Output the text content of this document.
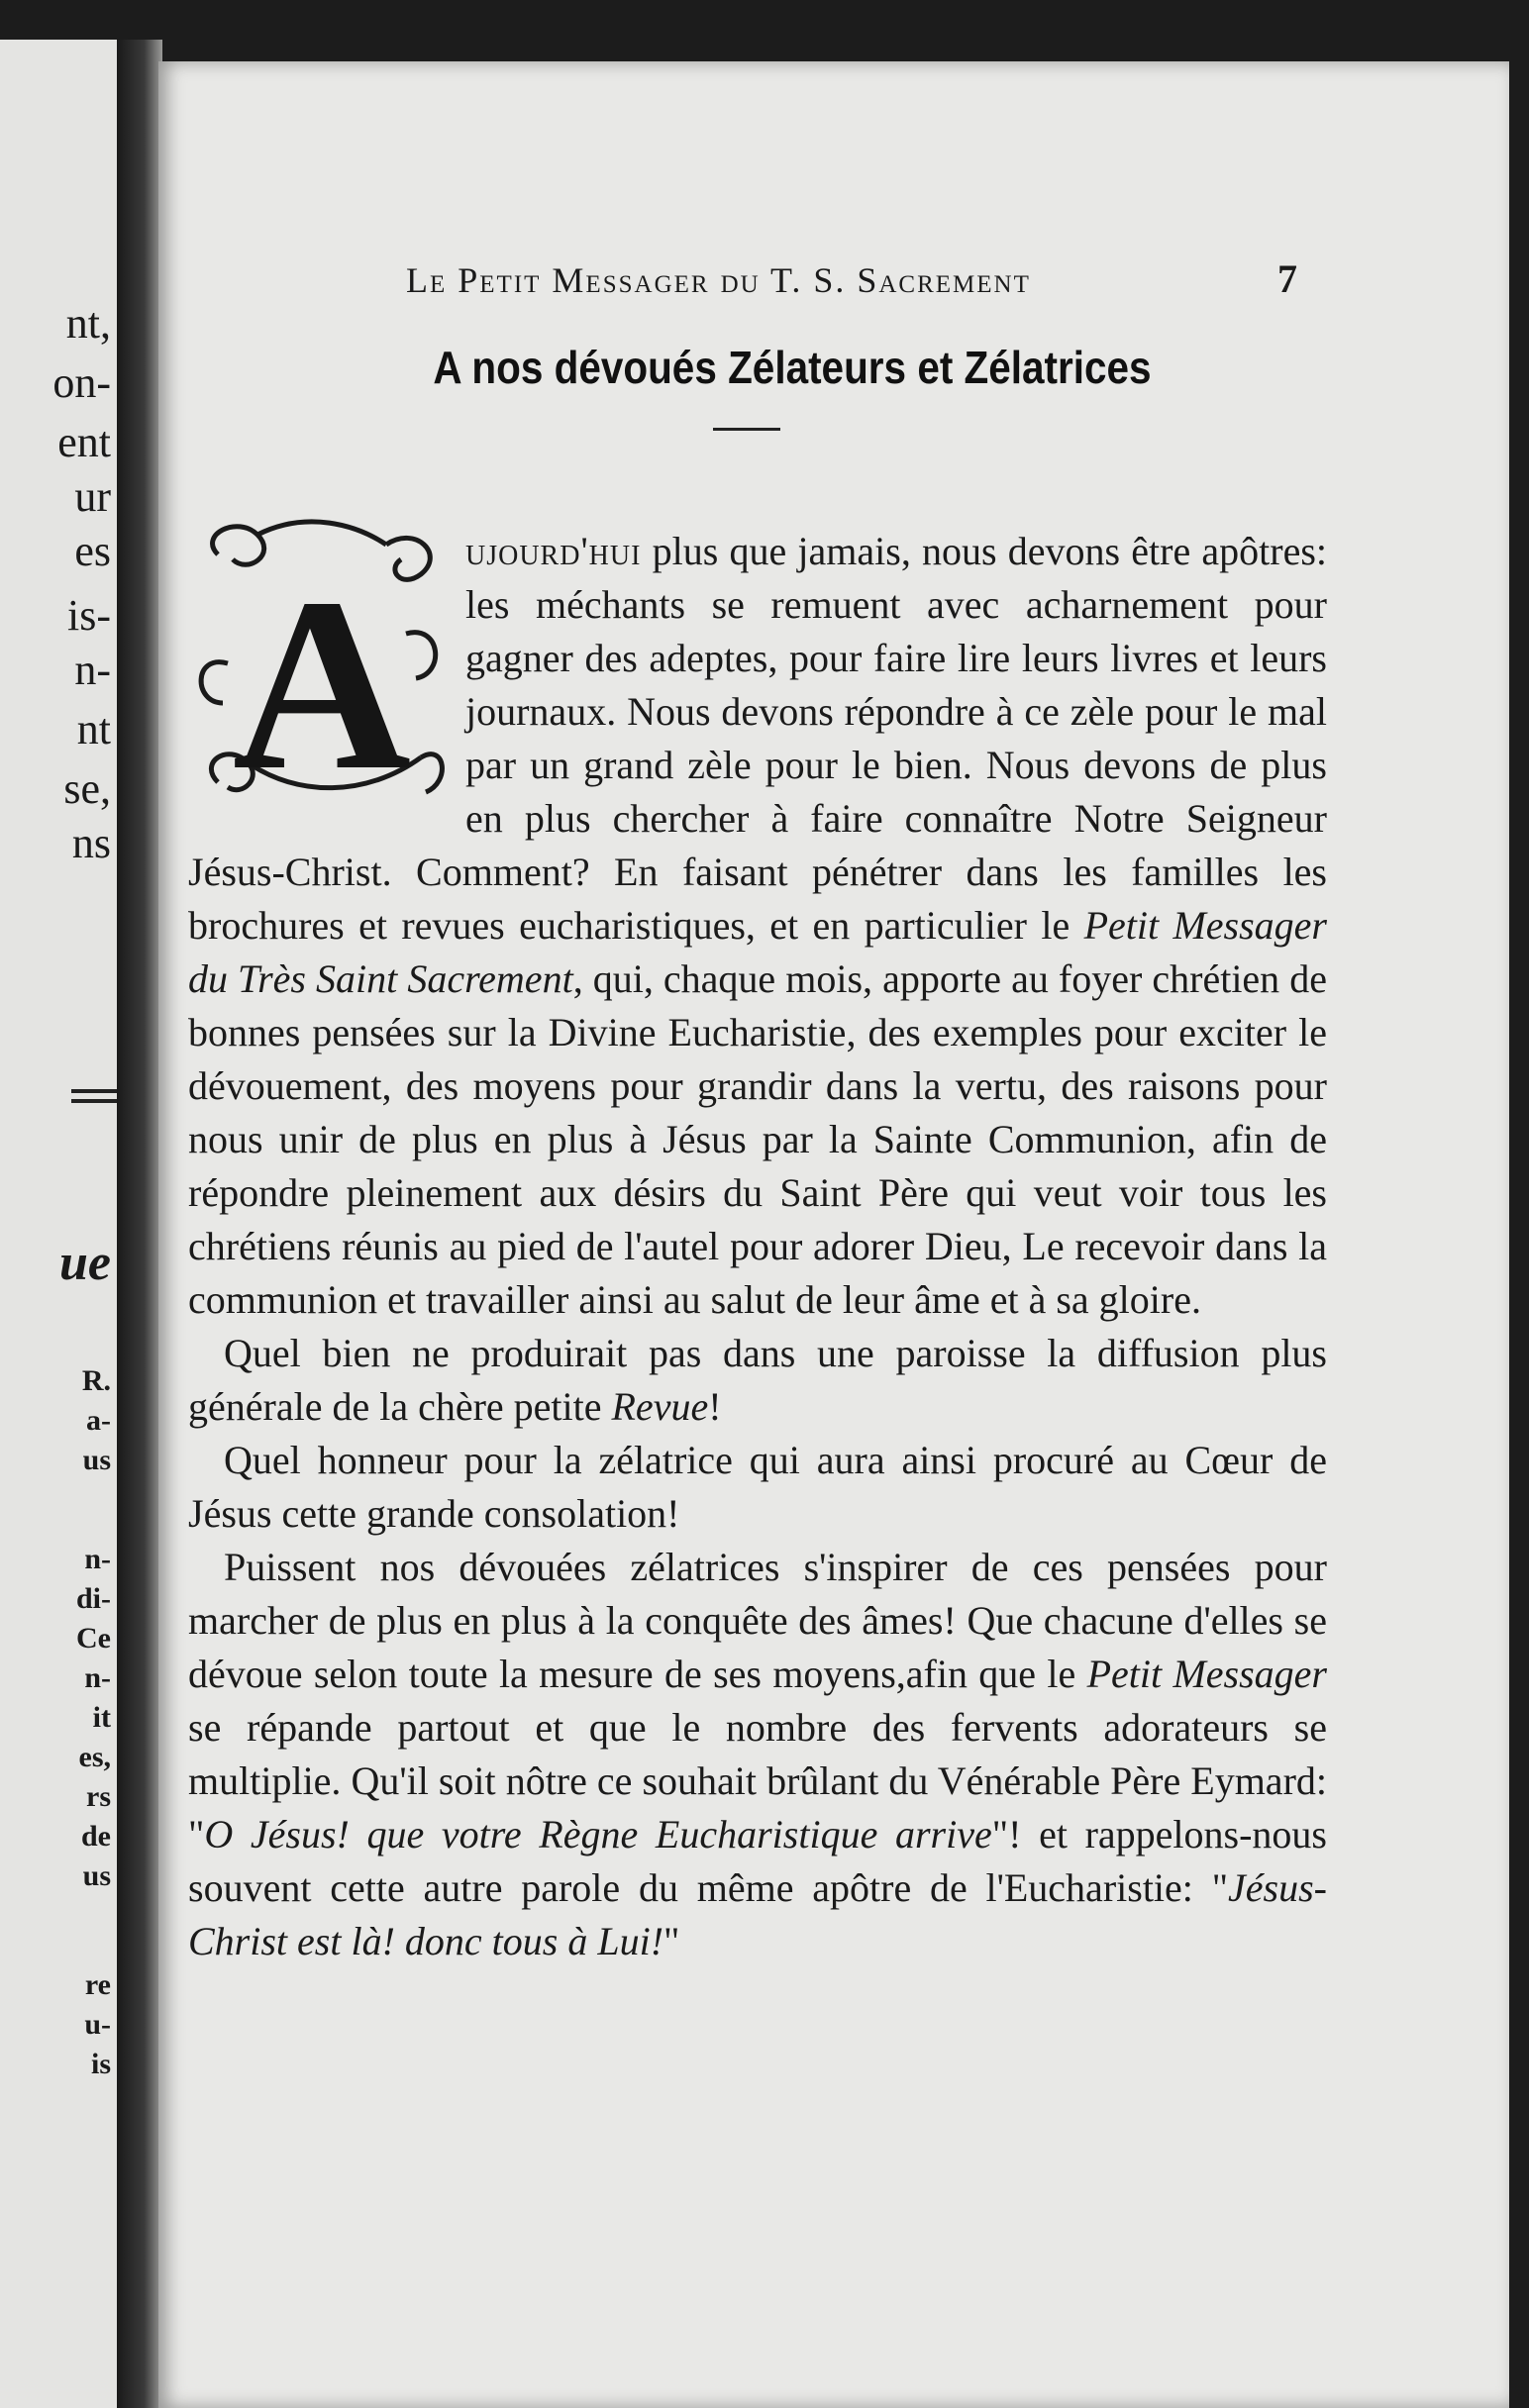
nt,
on-
ent
ur
es
is-
n-
nt
se,
ns
ue
R.
a-
us
n-
di-
Ce
n-
it
es,
rs
de
us
re
u-
is
Le Petit Messager du T. S. Sacrement	7
A nos dévoués Zélateurs et Zélatrices
A	ujourd'hui plus que jamais, nous devons être apôtres: les méchants se remuent avec acharnement pour gagner des adeptes, pour faire lire leurs livres et leurs journaux. Nous devons répondre à ce zèle pour le mal par un grand zèle pour le bien. Nous devons de plus en plus chercher à faire connaître Notre Seigneur Jésus-Christ. Comment? En faisant pénétrer dans les familles les brochures et revues eucharistiques, et en particulier le Petit Messager du Très Saint Sacrement, qui, chaque mois, apporte au foyer chrétien de bonnes pensées sur la Divine Eucharistie, des exemples pour exciter le dévouement, des moyens pour grandir dans la vertu, des raisons pour nous unir de plus en plus à Jésus par la Sainte Communion, afin de répondre pleinement aux désirs du Saint Père qui veut voir tous les chrétiens réunis au pied de l'autel pour adorer Dieu, Le recevoir dans la communion et travailler ainsi au salut de leur âme et à sa gloire.

Quel bien ne produirait pas dans une paroisse la diffusion plus générale de la chère petite Revue!

Quel honneur pour la zélatrice qui aura ainsi procuré au Cœur de Jésus cette grande consolation!

Puissent nos dévouées zélatrices s'inspirer de ces pensées pour marcher de plus en plus à la conquête des âmes! Que chacune d'elles se dévoue selon toute la mesure de ses moyens,afin que le Petit Messager se répande partout et que le nombre des fervents adorateurs se multiplie. Qu'il soit nôtre ce souhait brûlant du Vénérable Père Eymard: "O Jésus! que votre Règne Eucharistique arrive"! et rappelons-nous souvent cette autre parole du même apôtre de l'Eucharistie: "Jésus-Christ est là! donc tous à Lui!"
